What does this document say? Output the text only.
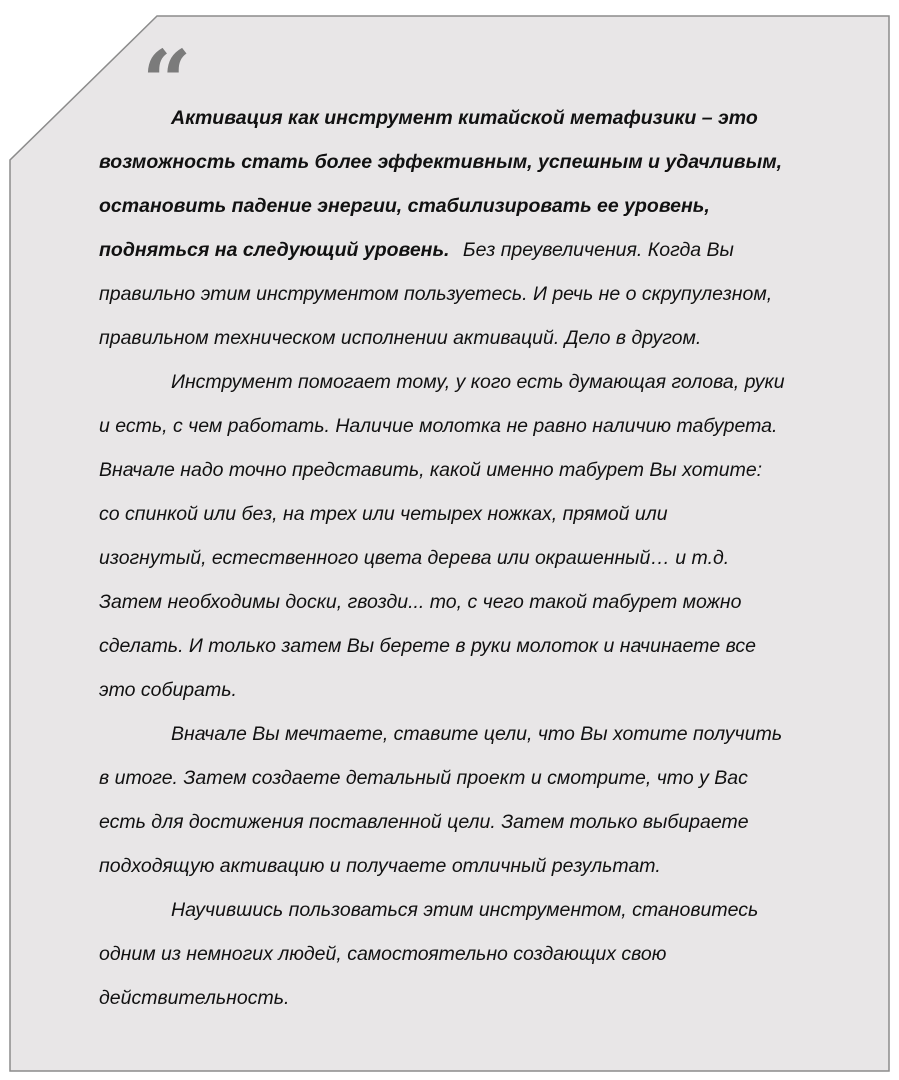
“
Активация как инструмент китайской метафизики – это
возможность стать более эффективным, успешным и удачливым,
остановить падение энергии, стабилизировать ее уровень,
подняться на следующий уровень. Без преувеличения. Когда Вы
правильно этим инструментом пользуетесь. И речь не о скрупулезном,
правильном техническом исполнении активаций. Дело в другом.
Инструмент помогает тому, у кого есть думающая голова, руки
и есть, с чем работать. Наличие молотка не равно наличию табурета.
Вначале надо точно представить, какой именно табурет Вы хотите:
со спинкой или без, на трех или четырех ножках, прямой или
изогнутый, естественного цвета дерева или окрашенный… и т.д.
Затем необходимы доски, гвозди... то, с чего такой табурет можно
сделать. И только затем Вы берете в руки молоток и начинаете все
это собирать.
Вначале Вы мечтаете, ставите цели, что Вы хотите получить
в итоге. Затем создаете детальный проект и смотрите, что у Вас
есть для достижения поставленной цели. Затем только выбираете
подходящую активацию и получаете отличный результат.
Научившись пользоваться этим инструментом, становитесь
одним из немногих людей, самостоятельно создающих свою
действительность.
